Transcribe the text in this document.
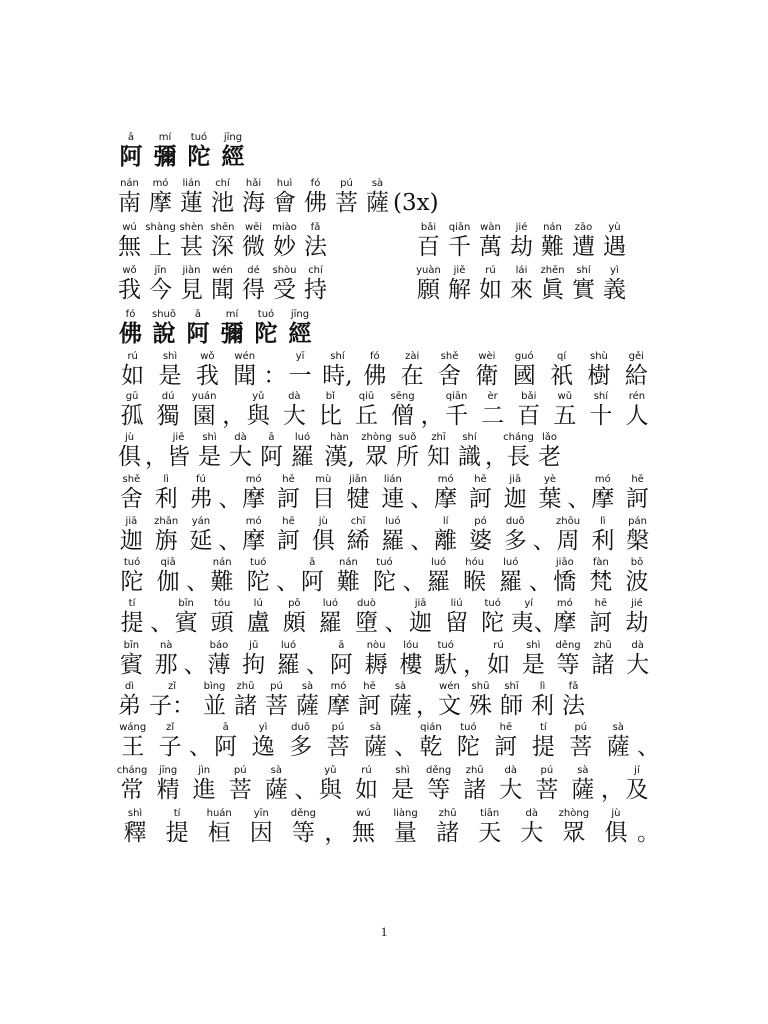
ā
阿
mí
彌
tuó
陀
jīng
經
nán
南
mó
摩
lián
蓮
chí
池
hǎi
海
huì
會
fó
佛
pú
菩
sà
薩 (3x)
wú
無
shàng
上
shèn
甚
shēn
深
wēi
微
miào
妙
fǎ
法
bǎi
百
qiān
千
wàn
萬
jié
劫
nán
難
zāo
遭
yù
遇
wǒ
我
jīn
今
jiàn
見
wén
聞
dé
得
shòu
受
chí
持
yuàn
願
jiě
解
rú
如
lái
來
zhēn
眞
shí
實
yì
義
fó
佛
shuō
說
ā
阿
mí
彌
tuó
陀
jīng
經
rú
如
shì
是
wǒ
我
wén
聞 ：
yī
一
shí
時,
fó
佛
zài
在
shě
舍
wèi
衛
guó
國
qí
祇
shù
樹
gěi
給
gū
孤
dú
獨
yuán
園 ，
yǔ
與
dà
大
bǐ
比
qiū
丘
sēng
僧 ，
qiān
千
èr
二
bǎi
百
wǔ
五
shí
十
rén
人
jù
俱 ，
jiē
皆
shì
是
dà
大
ā
阿
luó
羅
hàn
漢,
zhòng
眾
suǒ
所
zhī
知
shí
識 ，
cháng
長
lǎo
老
shě
舍
lì
利
fú
弗 、
mó
摩
hē
訶
mù
目
jiān
犍
lián
連 、
mó
摩
hē
訶
jiā
迦
yè
葉 、
mó
摩
hē
訶
jiā
迦
zhān
旃
yán
延 、
mó
摩
hē
訶
jù
俱
chī
絺
luó
羅 、
lí
離
pó
婆
duō
多 、
zhōu
周
lì
利
pán
槃
tuó
陀
qiā
伽 、
nán
難
tuó
陀 、
ā
阿
nán
難
tuó
陀 、
luó
羅
hóu
睺
luó
羅 、
jiāo
憍
fàn
梵
bō
波
tí
提 、
bīn
賓
tóu
頭
lú
盧
pō
頗
luó
羅
duò
墮 、
jiā
迦
liú
留
tuó
陀
yí
夷、
mó
摩
hē
訶
jié
劫
bīn
賓
nà
那 、
báo
薄
jū
拘
luó
羅 、
ā
阿
nòu
耨
lóu
樓
tuó
馱 ，
rú
如
shì
是
děng
等
zhū
諸
dà
大
dì
弟
zǐ
子：
bìng
並
zhū
諸
pú
菩
sà
薩
mó
摩
hē
訶
sà
薩 ，
wén
文
shū
殊
shī
師
lì
利
fǎ
法
wáng
王
zǐ
子 、
ā
阿
yì
逸
duō
多
pú
菩
sà
薩 、
qián
乾
tuó
陀
hē
訶
tí
提
pú
菩
sà
薩 、
cháng
常
jīng
精
jìn
進
pú
菩
sà
薩 、
yǔ
與
rú
如
shì
是
děng
等
zhū
諸
dà
大
pú
菩
sà
薩 ，
jí
及
shì
釋
tí
提
huán
桓
yīn
因
děng
等 ，
wú
無
liàng
量
zhū
諸
tiān
天
dà
大
zhòng
眾
jù
俱 。
1
